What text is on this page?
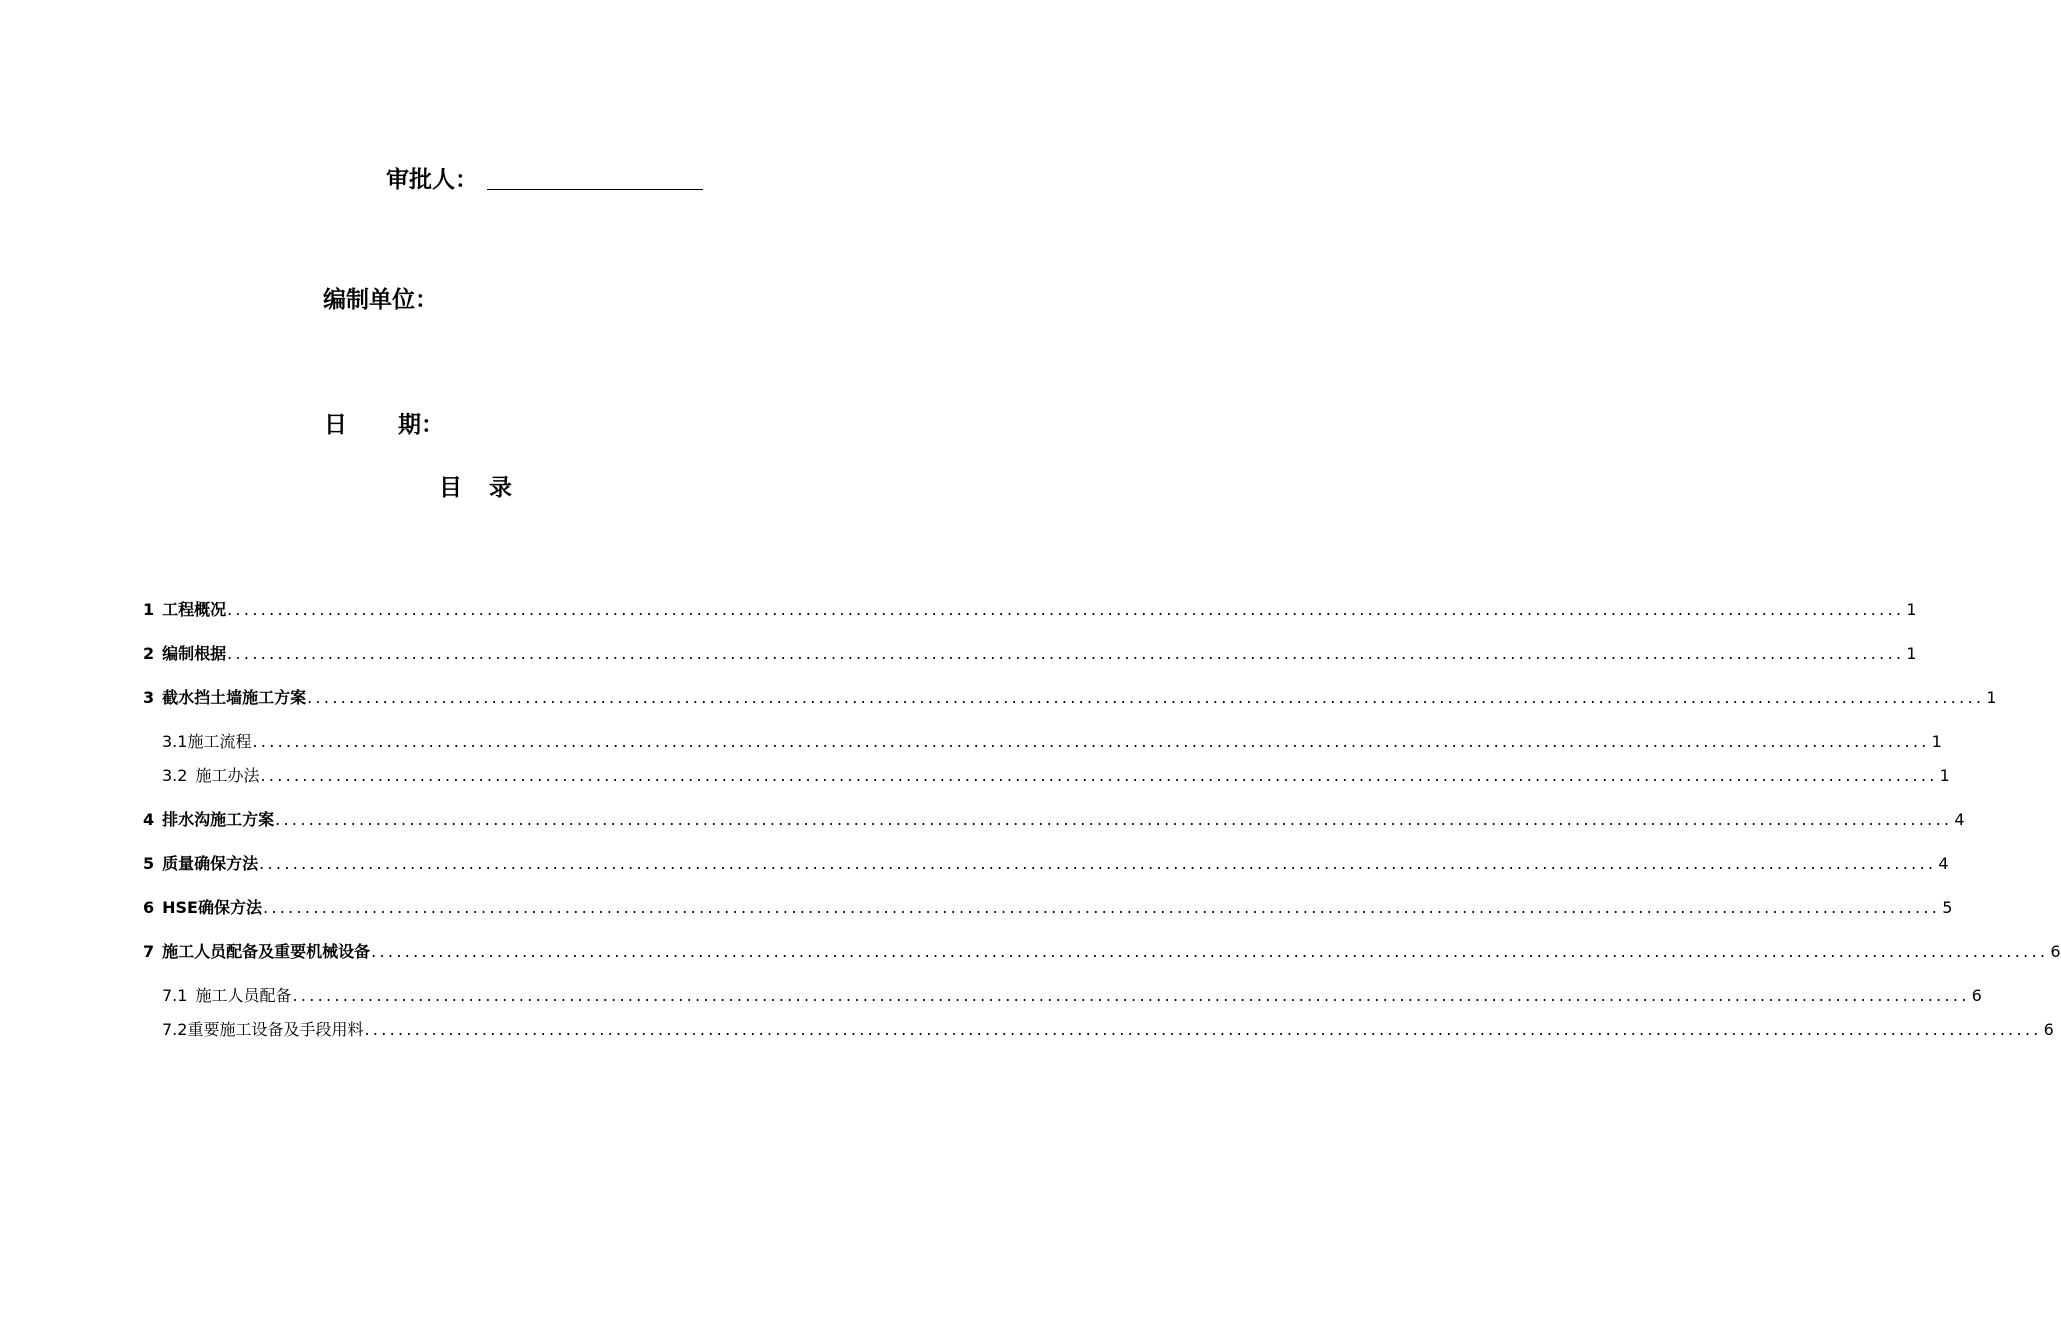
审批人：
编制单位：
日 期：
目 录
1 工程概况 ........................................................................................................................................................................................................ 1
2 编制根据 ........................................................................................................................................................................................................ 1
3 截水挡土墙施工方案 ........................................................................................................................................................................................................ 1
3.1 施工流程 ........................................................................................................................................................................................................ 1
3.2 施工办法 ........................................................................................................................................................................................................ 1
4 排水沟施工方案 ........................................................................................................................................................................................................ 4
5 质量确保方法 ........................................................................................................................................................................................................ 4
6 HSE确保方法 ........................................................................................................................................................................................................ 5
7 施工人员配备及重要机械设备 ........................................................................................................................................................................................................ 6
7.1 施工人员配备 ........................................................................................................................................................................................................ 6
7.2 重要施工设备及手段用料 ........................................................................................................................................................................................................ 6
